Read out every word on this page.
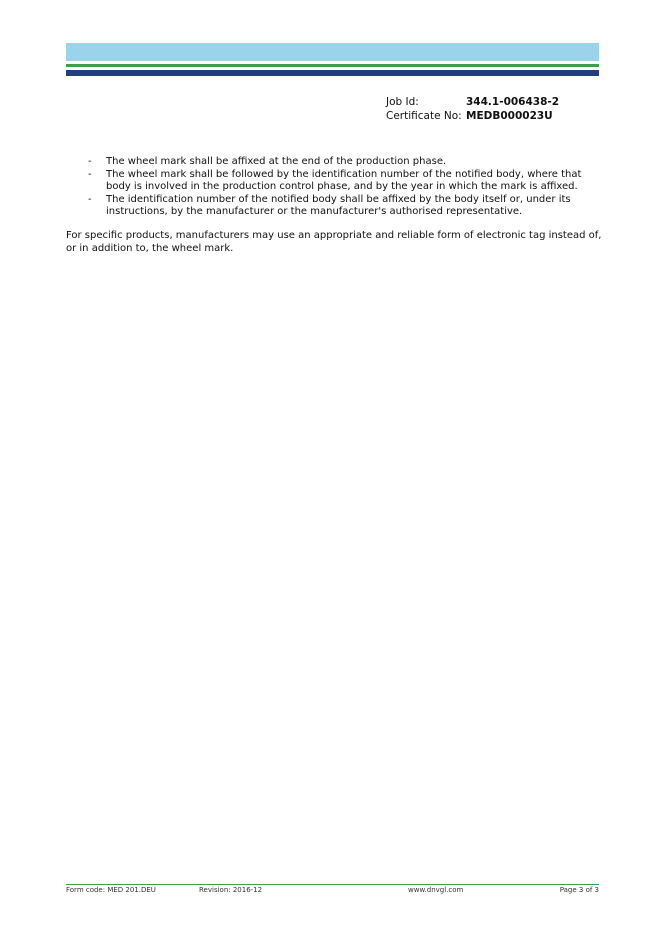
Job Id:	344.1-006438-2
Certificate No: MEDB000023U
-	The wheel mark shall be affixed at the end of the production phase.
-	The wheel mark shall be followed by the identification number of the notified body, where that body is involved in the production control phase, and by the year in which the mark is affixed.
-	The identification number of the notified body shall be affixed by the body itself or, under its instructions, by the manufacturer or the manufacturer's authorised representative.

For specific products, manufacturers may use an appropriate and reliable form of electronic tag instead of, or in addition to, the wheel mark.

Form code: MED 201.DEU	Revision: 2016-12	www.dnvgl.com	Page 3 of 3
